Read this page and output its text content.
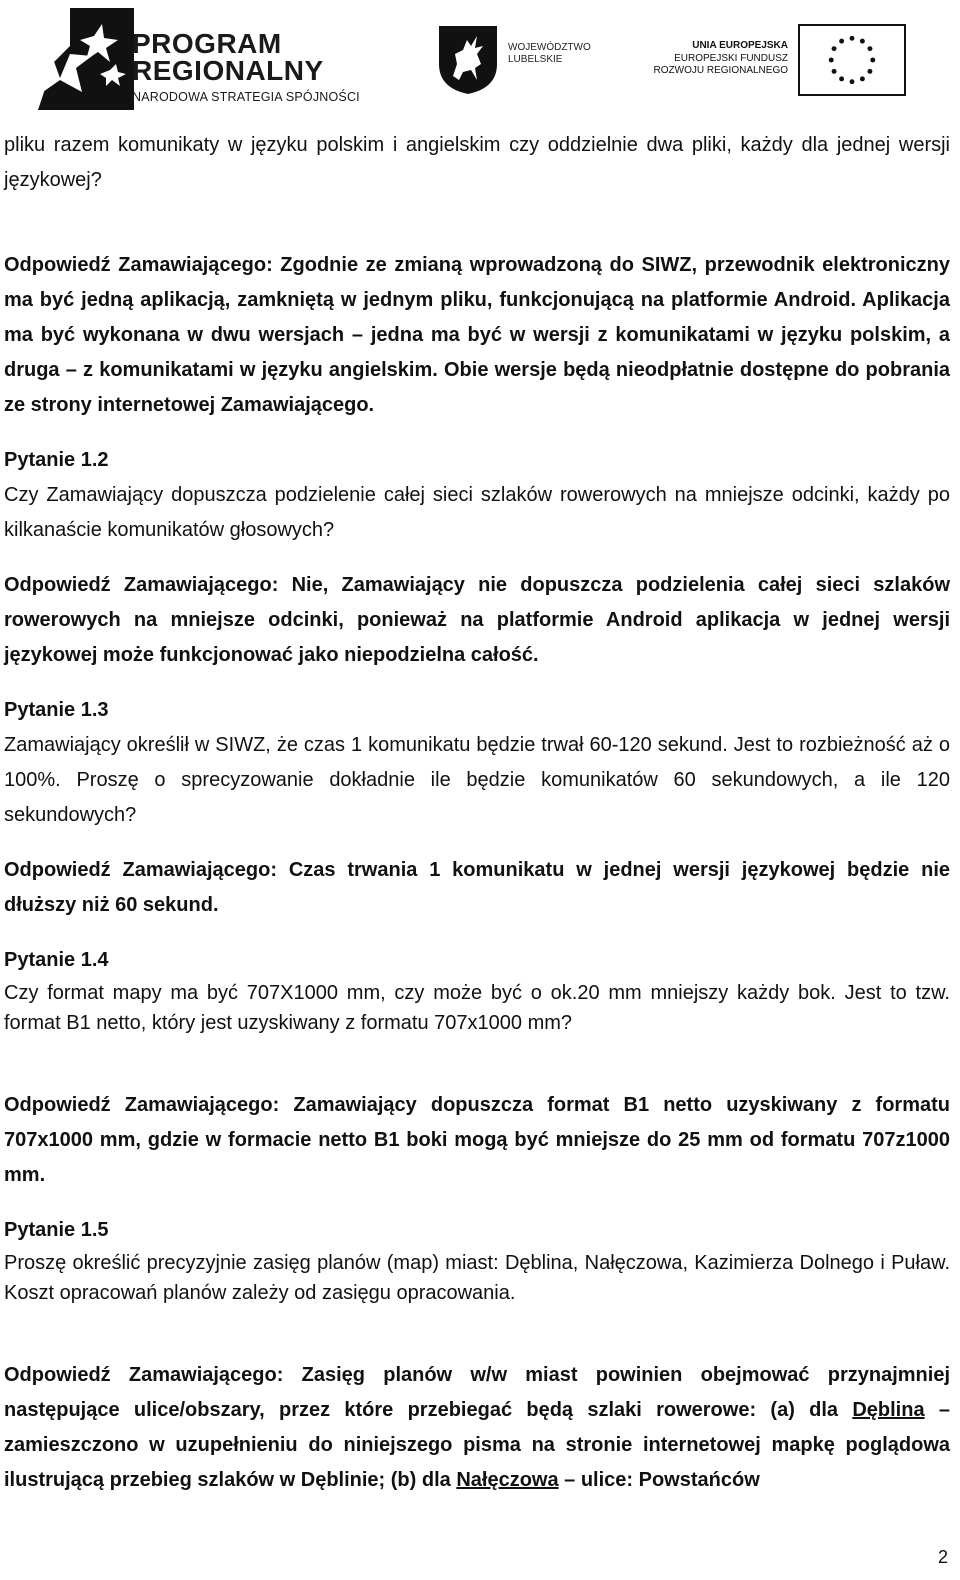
PROGRAM
REGIONALNY
NARODOWA STRATEGIA SPÓJNOŚCI
WOJEWÓDZTWO
LUBELSKIE
UNIA EUROPEJSKA
EUROPEJSKI FUNDUSZ
ROZWOJU REGIONALNEGO

pliku razem komunikaty w języku polskim i angielskim czy oddzielnie dwa pliki, każdy dla jednej wersji językowej?

Odpowiedź Zamawiającego: Zgodnie ze zmianą wprowadzoną do SIWZ, przewodnik elektroniczny ma być jedną aplikacją, zamkniętą w jednym pliku, funkcjonującą na platformie Android. Aplikacja ma być wykonana w dwu wersjach – jedna ma być w wersji z komunikatami w języku polskim, a druga – z komunikatami w języku angielskim. Obie wersje będą nieodpłatnie dostępne do pobrania ze strony internetowej Zamawiającego.

Pytanie 1.2

Czy Zamawiający dopuszcza podzielenie całej sieci szlaków rowerowych na mniejsze odcinki, każdy po kilkanaście komunikatów głosowych?

Odpowiedź Zamawiającego: Nie, Zamawiający nie dopuszcza podzielenia całej sieci szlaków rowerowych na mniejsze odcinki, ponieważ na platformie Android aplikacja w jednej wersji językowej może funkcjonować jako niepodzielna całość.

Pytanie 1.3

Zamawiający określił w SIWZ, że czas 1 komunikatu będzie trwał 60-120 sekund. Jest to rozbieżność aż o 100%. Proszę o sprecyzowanie dokładnie ile będzie komunikatów 60 sekundowych, a ile 120 sekundowych?

Odpowiedź Zamawiającego: Czas trwania 1 komunikatu w jednej wersji językowej będzie nie dłuższy niż 60 sekund.

Pytanie 1.4

Czy format mapy ma być 707X1000 mm, czy może być o ok.20 mm mniejszy każdy bok. Jest to tzw. format B1 netto, który jest uzyskiwany z formatu 707x1000 mm?

Odpowiedź Zamawiającego: Zamawiający dopuszcza format B1 netto uzyskiwany z formatu 707x1000 mm, gdzie w formacie netto B1 boki mogą być mniejsze do 25 mm od formatu 707z1000 mm.

Pytanie 1.5

Proszę określić precyzyjnie zasięg planów (map) miast: Dęblina, Nałęczowa, Kazimierza Dolnego i Puław. Koszt opracowań planów zależy od zasięgu opracowania.

Odpowiedź Zamawiającego: Zasięg planów w/w miast powinien obejmować przynajmniej następujące ulice/obszary, przez które przebiegać będą szlaki rowerowe: (a) dla Dęblina – zamieszczono w uzupełnieniu do niniejszego pisma na stronie internetowej mapkę poglądowa ilustrującą przebieg szlaków w Dęblinie; (b) dla Nałęczowa – ulice: Powstańców

2
